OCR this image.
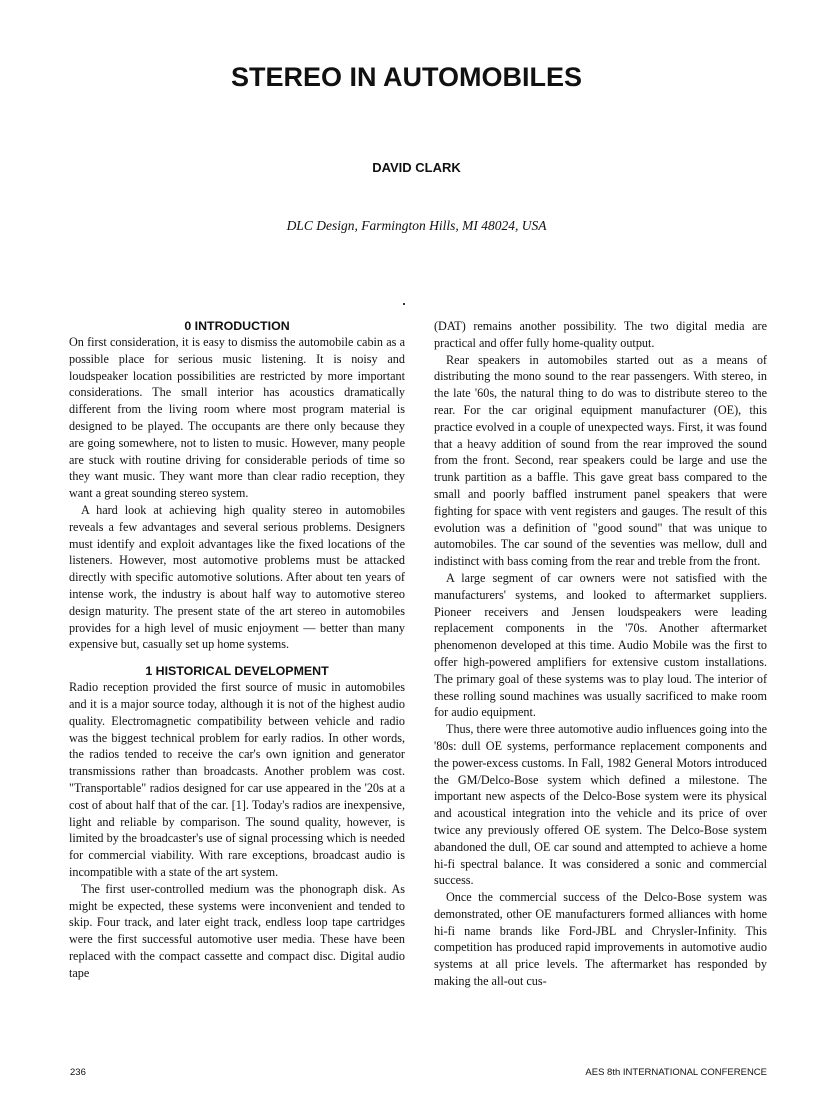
STEREO IN AUTOMOBILES
DAVID CLARK
DLC Design, Farmington Hills, MI 48024, USA
0 INTRODUCTION

On first consideration, it is easy to dismiss the automobile cabin as a possible place for serious music listening. It is noisy and loudspeaker location possibilities are restricted by more important considerations. The small interior has acoustics dramatically different from the living room where most program material is designed to be played. The occupants are there only because they are going somewhere, not to listen to music. However, many people are stuck with routine driving for considerable periods of time so they want music. They want more than clear radio reception, they want a great sounding stereo system.

A hard look at achieving high quality stereo in automobiles reveals a few advantages and several serious problems. Designers must identify and exploit advantages like the fixed locations of the listeners. However, most automotive problems must be attacked directly with specific automotive solutions. After about ten years of intense work, the industry is about half way to automotive stereo design maturity. The present state of the art stereo in automobiles provides for a high level of music enjoyment — better than many expensive but, casually set up home systems.

1 HISTORICAL DEVELOPMENT

Radio reception provided the first source of music in automobiles and it is a major source today, although it is not of the highest audio quality. Electromagnetic compatibility between vehicle and radio was the biggest technical problem for early radios. In other words, the radios tended to receive the car's own ignition and generator transmissions rather than broadcasts. Another problem was cost. "Transportable" radios designed for car use appeared in the '20s at a cost of about half that of the car. [1]. Today's radios are inexpensive, light and reliable by comparison. The sound quality, however, is limited by the broadcaster's use of signal processing which is needed for commercial viability. With rare exceptions, broadcast audio is incompatible with a state of the art system.

The first user-controlled medium was the phonograph disk. As might be expected, these systems were inconvenient and tended to skip. Four track, and later eight track, endless loop tape cartridges were the first successful automotive user media. These have been replaced with the compact cassette and compact disc. Digital audio tape

(DAT) remains another possibility. The two digital media are practical and offer fully home-quality output.

Rear speakers in automobiles started out as a means of distributing the mono sound to the rear passengers. With stereo, in the late '60s, the natural thing to do was to distribute stereo to the rear. For the car original equipment manufacturer (OE), this practice evolved in a couple of unexpected ways. First, it was found that a heavy addition of sound from the rear improved the sound from the front. Second, rear speakers could be large and use the trunk partition as a baffle. This gave great bass compared to the small and poorly baffled instrument panel speakers that were fighting for space with vent registers and gauges. The result of this evolution was a definition of "good sound" that was unique to automobiles. The car sound of the seventies was mellow, dull and indistinct with bass coming from the rear and treble from the front.

A large segment of car owners were not satisfied with the manufacturers' systems, and looked to aftermarket suppliers. Pioneer receivers and Jensen loudspeakers were leading replacement components in the '70s. Another aftermarket phenomenon developed at this time. Audio Mobile was the first to offer high-powered amplifiers for extensive custom installations. The primary goal of these systems was to play loud. The interior of these rolling sound machines was usually sacrificed to make room for audio equipment.

Thus, there were three automotive audio influences going into the '80s: dull OE systems, performance replacement components and the power-excess customs. In Fall, 1982 General Motors introduced the GM/Delco-Bose system which defined a milestone. The important new aspects of the Delco-Bose system were its physical and acoustical integration into the vehicle and its price of over twice any previously offered OE system. The Delco-Bose system abandoned the dull, OE car sound and attempted to achieve a home hi-fi spectral balance. It was considered a sonic and commercial success.

Once the commercial success of the Delco-Bose system was demonstrated, other OE manufacturers formed alliances with home hi-fi name brands like Ford-JBL and Chrysler-Infinity. This competition has produced rapid improvements in automotive audio systems at all price levels. The aftermarket has responded by making the all-out cus-

236	AES 8th INTERNATIONAL CONFERENCE
